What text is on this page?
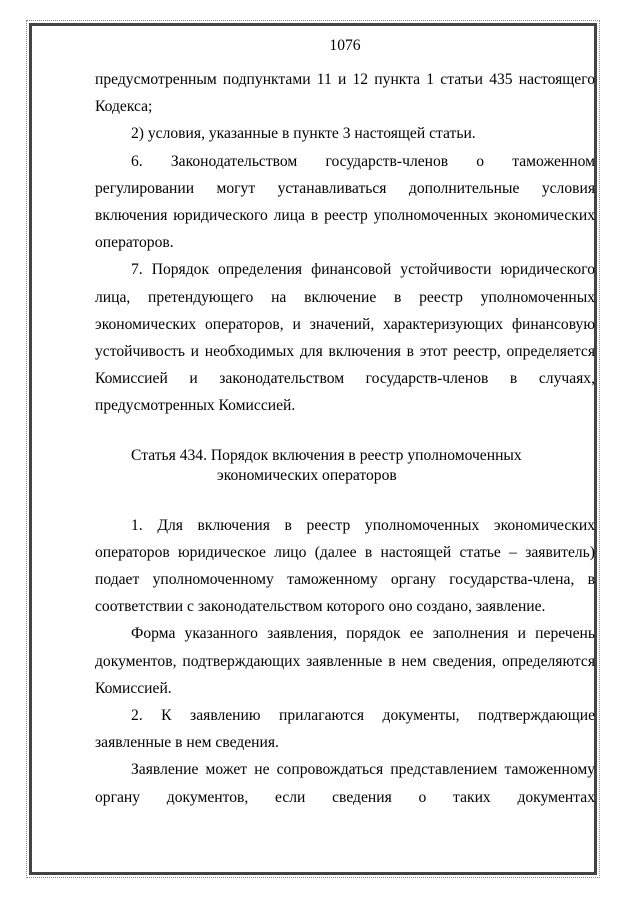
1076

предусмотренным подпунктами 11 и 12 пункта 1 статьи 435 настоящего Кодекса;

2) условия, указанные в пункте 3 настоящей статьи.

6. Законодательством государств-членов о таможенном регулировании могут устанавливаться дополнительные условия включения юридического лица в реестр уполномоченных экономических операторов.

7. Порядок определения финансовой устойчивости юридического лица, претендующего на включение в реестр уполномоченных экономических операторов, и значений, характеризующих финансовую устойчивость и необходимых для включения в этот реестр, определяется Комиссией и законодательством государств-членов в случаях, предусмотренных Комиссией.

Статья 434. Порядок включения в реестр уполномоченных
экономических операторов

1. Для включения в реестр уполномоченных экономических операторов юридическое лицо (далее в настоящей статье – заявитель) подает уполномоченному таможенному органу государства-члена, в соответствии с законодательством которого оно создано, заявление.

Форма указанного заявления, порядок ее заполнения и перечень документов, подтверждающих заявленные в нем сведения, определяются Комиссией.

2. К заявлению прилагаются документы, подтверждающие заявленные в нем сведения.

Заявление может не сопровождаться представлением таможенному органу документов, если сведения о таких документах
